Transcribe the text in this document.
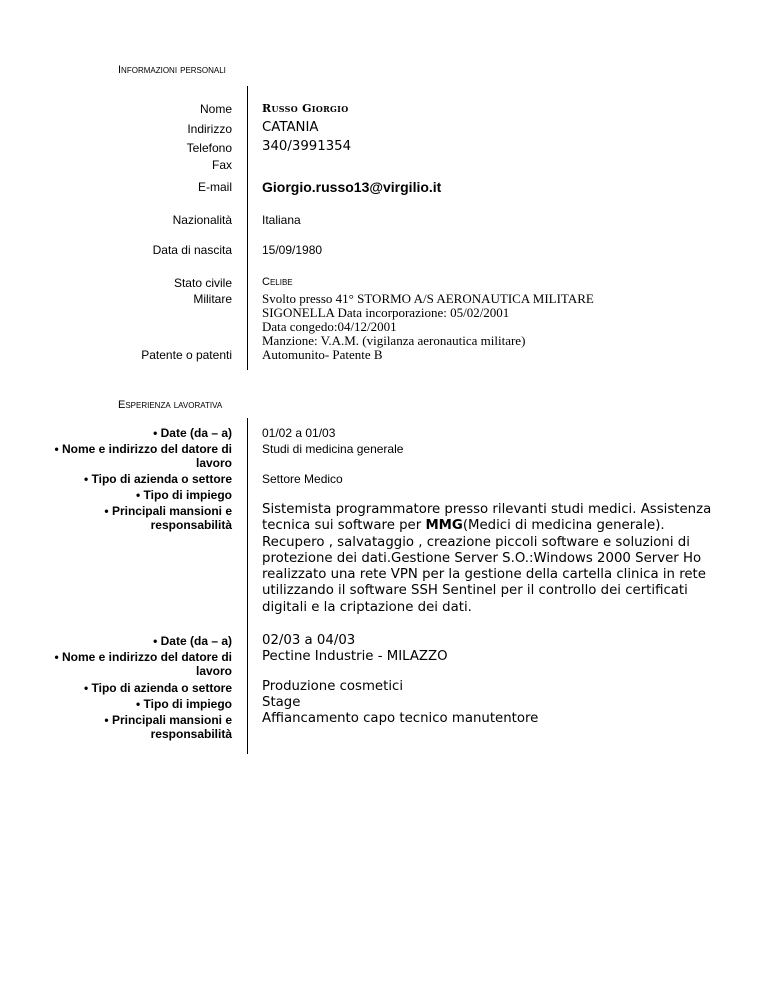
Informazioni personali
Nome
Indirizzo
Telefono
Fax
E-mail
Nazionalità
Data di nascita
Stato civile
Militare
Patente o patenti
Russo Giorgio
CATANIA
340/3991354
Giorgio.russo13@virgilio.it
Italiana
15/09/1980
Celibe
Svolto presso 41° STORMO A/S AERONAUTICA MILITARE
SIGONELLA Data incorporazione: 05/02/2001
Data congedo:04/12/2001
Manzione: V.A.M. (vigilanza aeronautica militare)
Automunito- Patente B
Esperienza lavorativa
• Date (da – a)
• Nome e indirizzo del datore di
lavoro
• Tipo di azienda o settore
• Tipo di impiego
• Principali mansioni e
responsabilità
01/02 a 01/03
Studi di medicina generale
Settore Medico
Sistemista programmatore presso rilevanti studi medici. Assistenza tecnica sui software per MMG(Medici di medicina generale). Recupero , salvataggio , creazione piccoli software e soluzioni di protezione dei dati.Gestione Server S.O.:Windows 2000 Server Ho realizzato una rete VPN per la gestione della cartella clinica in rete utilizzando il software SSH Sentinel per il controllo dei certificati digitali e la criptazione dei dati.
• Date (da – a)
• Nome e indirizzo del datore di
lavoro
• Tipo di azienda o settore
• Tipo di impiego
• Principali mansioni e
responsabilità
02/03 a 04/03
Pectine Industrie - MILAZZO
Produzione cosmetici
Stage
Affiancamento capo tecnico manutentore
